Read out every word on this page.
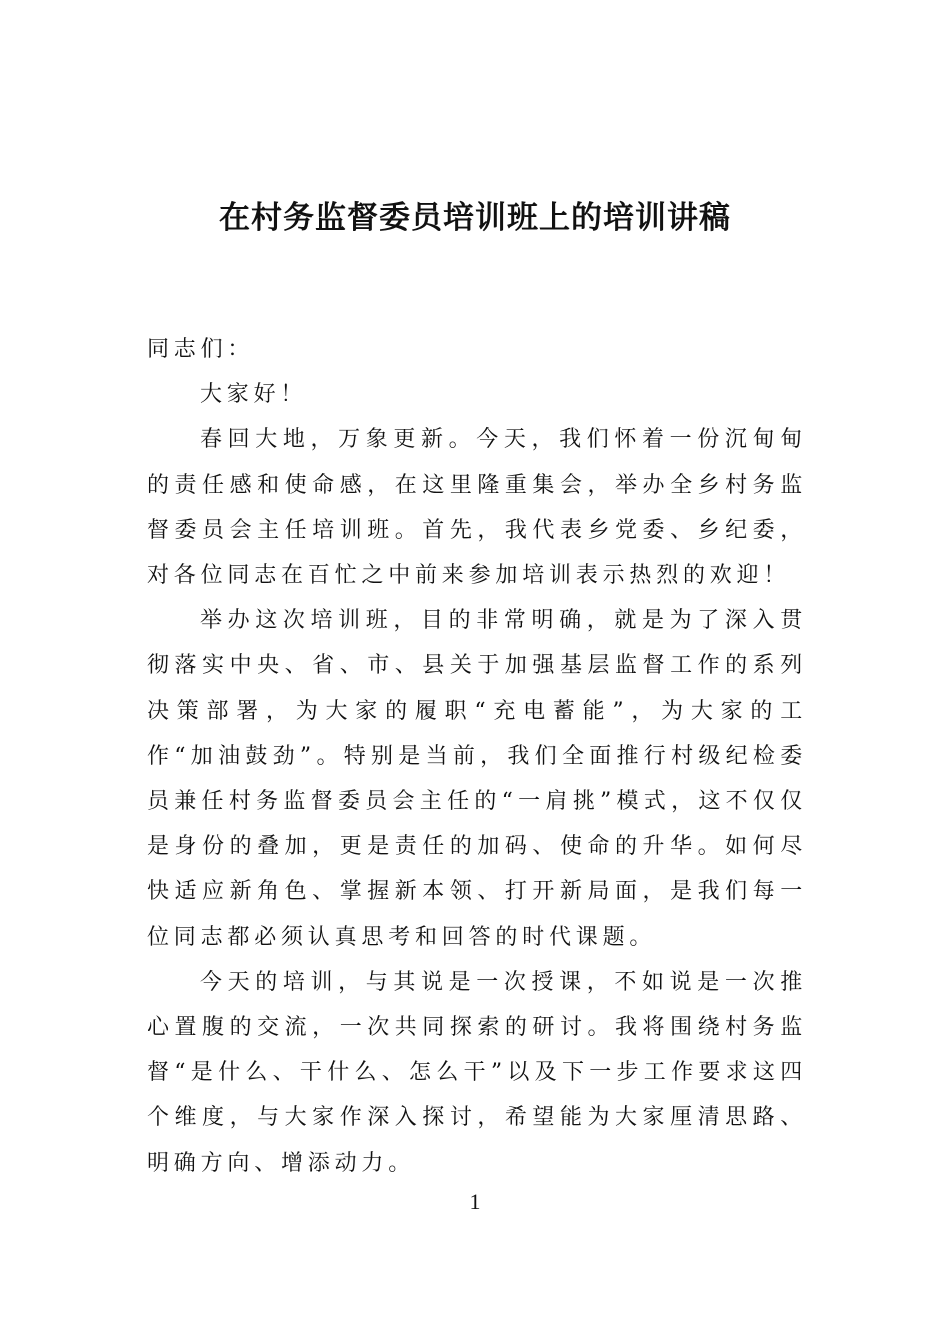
在村务监督委员培训班上的培训讲稿

同志们：

大家好！

春回大地，万象更新。今天，我们怀着一份沉甸甸的责任感和使命感，在这里隆重集会，举办全乡村务监督委员会主任培训班。首先，我代表乡党委、乡纪委，对各位同志在百忙之中前来参加培训表示热烈的欢迎！

举办这次培训班，目的非常明确，就是为了深入贯彻落实中央、省、市、县关于加强基层监督工作的系列决策部署，为大家的履职“充电蓄能”，为大家的工作“加油鼓劲”。特别是当前，我们全面推行村级纪检委员兼任村务监督委员会主任的“一肩挑”模式，这不仅仅是身份的叠加，更是责任的加码、使命的升华。如何尽快适应新角色、掌握新本领、打开新局面，是我们每一位同志都必须认真思考和回答的时代课题。

今天的培训，与其说是一次授课，不如说是一次推心置腹的交流，一次共同探索的研讨。我将围绕村务监督“是什么、干什么、怎么干”以及下一步工作要求这四个维度，与大家作深入探讨，希望能为大家厘清思路、明确方向、增添动力。

1
